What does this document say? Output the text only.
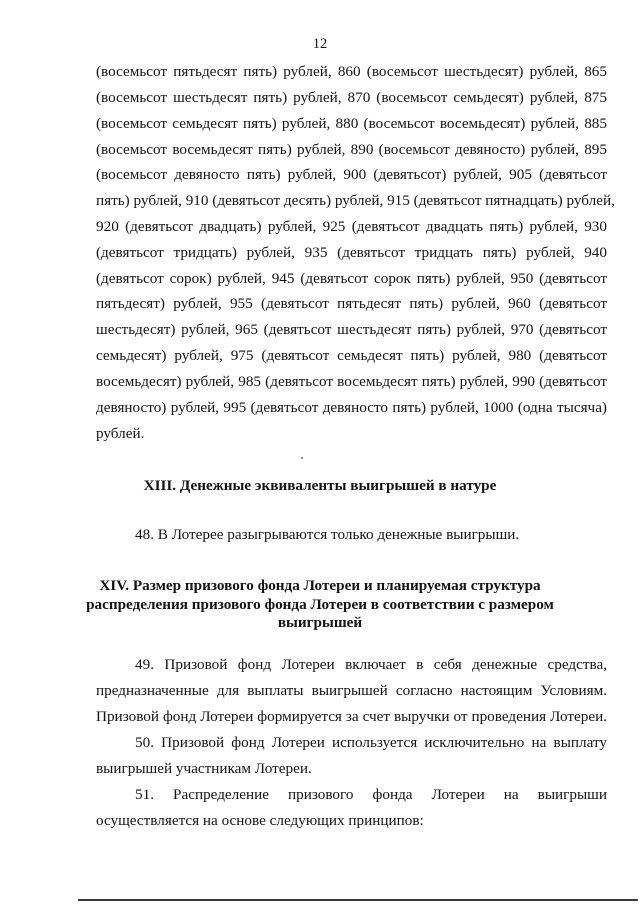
12
(восемьсот пятьдесят пять) рублей, 860 (восемьсот шестьдесят) рублей, 865
(восемьсот шестьдесят пять) рублей, 870 (восемьсот семьдесят) рублей, 875
(восемьсот семьдесят пять) рублей, 880 (восемьсот восемьдесят) рублей, 885
(восемьсот восемьдесят пять) рублей, 890 (восемьсот девяносто) рублей, 895
(восемьсот девяносто пять) рублей, 900 (девятьсот) рублей, 905 (девятьсот
пять) рублей, 910 (девятьсот десять) рублей, 915 (девятьсот пятнадцать) рублей,
920 (девятьсот двадцать) рублей, 925 (девятьсот двадцать пять) рублей, 930
(девятьсот тридцать) рублей, 935 (девятьсот тридцать пять) рублей, 940
(девятьсот сорок) рублей, 945 (девятьсот сорок пять) рублей, 950 (девятьсот
пятьдесят) рублей, 955 (девятьсот пятьдесят пять) рублей, 960 (девятьсот
шестьдесят) рублей, 965 (девятьсот шестьдесят пять) рублей, 970 (девятьсот
семьдесят) рублей, 975 (девятьсот семьдесят пять) рублей, 980 (девятьсот
восемьдесят) рублей, 985 (девятьсот восемьдесят пять) рублей, 990 (девятьсот
девяносто) рублей, 995 (девятьсот девяносто пять) рублей, 1000 (одна тысяча)
рублей.
XIII. Денежные эквиваленты выигрышей в натуре
48. В Лотерее разыгрываются только денежные выигрыши.
XIV. Размер призового фонда Лотереи и планируемая структура
распределения призового фонда Лотереи в соответствии с размером
выигрышей
49. Призовой фонд Лотереи включает в себя денежные средства,
предназначенные для выплаты выигрышей согласно настоящим Условиям.
Призовой фонд Лотереи формируется за счет выручки от проведения Лотереи.
50. Призовой фонд Лотереи используется исключительно на выплату
выигрышей участникам Лотереи.
51. Распределение призового фонда Лотереи на выигрыши
осуществляется на основе следующих принципов:
